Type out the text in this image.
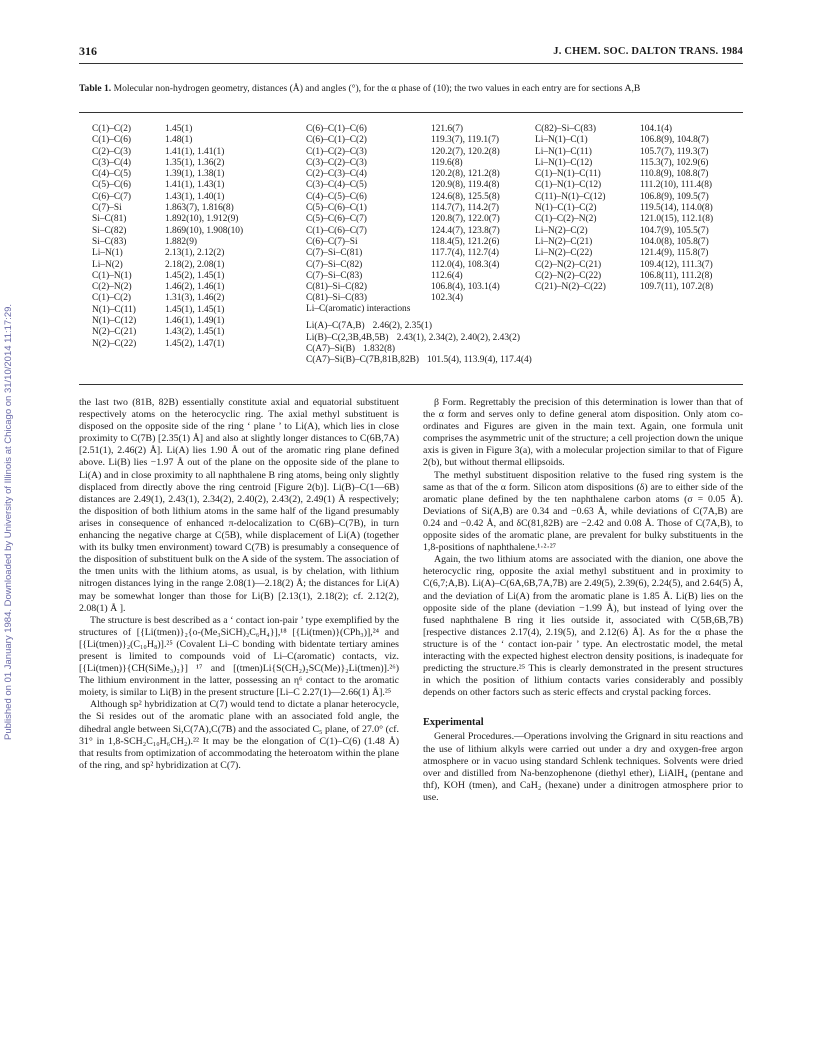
Published on 01 January 1984. Downloaded by University of Illinois at Chicago on 31/10/2014 11:17:29.
316	J. CHEM. SOC. DALTON TRANS. 1984
Table 1. Molecular non-hydrogen geometry, distances (Å) and angles (°), for the α phase of (10); the two values in each entry are for sections A,B
C(1)–C(2)	1.45(1)
C(1)–C(6)	1.48(1)
C(2)–C(3)	1.41(1), 1.41(1)
C(3)–C(4)	1.35(1), 1.36(2)
C(4)–C(5)	1.39(1), 1.38(1)
C(5)–C(6)	1.41(1), 1.43(1)
C(6)–C(7)	1.43(1), 1.40(1)
C(7)–Si	1.863(7), 1.816(8)
Si–C(81)	1.892(10), 1.912(9)
Si–C(82)	1.869(10), 1.908(10)
Si–C(83)	1.882(9)
Li–N(1)	2.13(1), 2.12(2)
Li–N(2)	2.18(2), 2.08(1)
C(1)–N(1)	1.45(2), 1.45(1)
C(2)–N(2)	1.46(2), 1.46(1)
C(1)–C(2)	1.31(3), 1.46(2)
N(1)–C(11)	1.45(1), 1.45(1)
N(1)–C(12)	1.46(1), 1.49(1)
N(2)–C(21)	1.43(2), 1.45(1)
N(2)–C(22)	1.45(2), 1.47(1)
C(6)–C(1)–C(6)	121.6(7)
C(6)–C(1)–C(2)	119.3(7), 119.1(7)
C(1)–C(2)–C(3)	120.2(7), 120.2(8)
C(3)–C(2)–C(3)	119.6(8)
C(2)–C(3)–C(4)	120.2(8), 121.2(8)
C(3)–C(4)–C(5)	120.9(8), 119.4(8)
C(4)–C(5)–C(6)	124.6(8), 125.5(8)
C(5)–C(6)–C(1)	114.7(7), 114.2(7)
C(5)–C(6)–C(7)	120.8(7), 122.0(7)
C(1)–C(6)–C(7)	124.4(7), 123.8(7)
C(6)–C(7)–Si	118.4(5), 121.2(6)
C(7)–Si–C(81)	117.7(4), 112.7(4)
C(7)–Si–C(82)	112.0(4), 108.3(4)
C(7)–Si–C(83)	112.6(4)
C(81)–Si–C(82)	106.8(4), 103.1(4)
C(81)–Si–C(83)	102.3(4)
C(82)–Si–C(83)	104.1(4)
Li–N(1)–C(1)	106.8(9), 104.8(7)
Li–N(1)–C(11)	105.7(7), 119.3(7)
Li–N(1)–C(12)	115.3(7), 102.9(6)
C(1)–N(1)–C(11)	110.8(9), 108.8(7)
C(1)–N(1)–C(12)	111.2(10), 111.4(8)
C(11)–N(1)–C(12)	106.8(9), 109.5(7)
N(1)–C(1)–C(2)	119.5(14), 114.0(8)
C(1)–C(2)–N(2)	121.0(15), 112.1(8)
Li–N(2)–C(2)	104.7(9), 105.5(7)
Li–N(2)–C(21)	104.0(8), 105.8(7)
Li–N(2)–C(22)	121.4(9), 115.8(7)
C(2)–N(2)–C(21)	109.4(12), 111.3(7)
C(2)–N(2)–C(22)	106.8(11), 111.2(8)
C(21)–N(2)–C(22)	109.7(11), 107.2(8)
Li–C(aromatic) interactions
Li(A)–C(7A,B) 2.46(2), 2.35(1)
Li(B)–C(2,3B,4B,5B) 2.43(1), 2.34(2), 2.40(2), 2.43(2)
C(A7)–Si(B) 1.832(8)
C(A7)–Si(B)–C(7B,81B,82B) 101.5(4), 113.9(4), 117.4(4)

the last two (81B, 82B) essentially constitute axial and equatorial substituent respectively atoms on the heterocyclic ring. The axial methyl substituent is disposed on the opposite side of the ring ‘ plane ’ to Li(A), which lies in close proximity to C(7B) [2.35(1) Å] and also at slightly longer distances to C(6B,7A) [2.51(1), 2.46(2) Å]. Li(A) lies 1.90 Å out of the aromatic ring plane defined above. Li(B) lies −1.97 Å out of the plane on the opposite side of the plane to Li(A) and in close proximity to all naphthalene B ring atoms, being only slightly displaced from directly above the ring centroid [Figure 2(b)]. Li(B)–C(1—6B) distances are 2.49(1), 2.43(1), 2.34(2), 2.40(2), 2.43(2), 2.49(1) Å respectively; the disposition of both lithium atoms in the same half of the ligand presumably arises in consequence of enhanced π-delocalization to C(6B)–C(7B), in turn enhancing the negative charge at C(5B), while displacement of Li(A) (together with its bulky tmen environment) toward C(7B) is presumably a consequence of the disposition of substituent bulk on the A side of the system. The association of the tmen units with the lithium atoms, as usual, is by chelation, with lithium nitrogen distances lying in the range 2.08(1)—2.18(2) Å; the distances for Li(A) may be somewhat longer than those for Li(B) [2.13(1), 2.18(2); cf. 2.12(2), 2.08(1) Å ].

The structure is best described as a ‘ contact ion-pair ’ type exemplified by the structures of [{Li(tmen)}₂{o-(Me₃SiCH)₂C₆H₄}],¹⁸ [{Li(tmen)}(CPh₃)],²⁴ and [{Li(tmen)}₂(C₁₀H₈)].²⁵ (Covalent Li–C bonding with bidentate tertiary amines present is limited to compounds void of Li–C(aromatic) contacts, viz. [{Li(tmen)}{CH(SiMe₃)₂}] ¹⁷ and [(tmen)Li{S(CH₂)₂SC(Me)}₂Li(tmen)].²⁶) The lithium environment in the latter, possessing an η⁶ contact to the aromatic moiety, is similar to Li(B) in the present structure [Li–C 2.27(1)—2.66(1) Å].²⁵

Although sp² hybridization at C(7) would tend to dictate a planar heterocycle, the Si resides out of the aromatic plane with an associated fold angle, the dihedral angle between Si,C(7A),C(7B) and the associated C₅ plane, of 27.0° (cf. 31° in 1,8-SCH₂C₁₀H₆CH₂).²² It may be the elongation of C(1)–C(6) (1.48 Å) that results from optimization of accommodating the heteroatom within the plane of the ring, and sp² hybridization at C(7).

β Form. Regrettably the precision of this determination is lower than that of the α form and serves only to define general atom disposition. Only atom co-ordinates and Figures are given in the main text. Again, one formula unit comprises the asymmetric unit of the structure; a cell projection down the unique axis is given in Figure 3(a), with a molecular projection similar to that of Figure 2(b), but without thermal ellipsoids.

The methyl substituent disposition relative to the fused ring system is the same as that of the α form. Silicon atom dispositions (δ) are to either side of the aromatic plane defined by the ten naphthalene carbon atoms (σ = 0.05 Å). Deviations of Si(A,B) are 0.34 and −0.63 Å, while deviations of C(7A,B) are 0.24 and −0.42 Å, and δC(81,82B) are −2.42 and 0.08 Å. Those of C(7A,B), to opposite sides of the aromatic plane, are prevalent for bulky substituents in the 1,8-positions of naphthalene.¹·²·²⁷

Again, the two lithium atoms are associated with the dianion, one above the heterocyclic ring, opposite the axial methyl substituent and in proximity to C(6,7;A,B). Li(A)–C(6A,6B,7A,7B) are 2.49(5), 2.39(6), 2.24(5), and 2.64(5) Å, and the deviation of Li(A) from the aromatic plane is 1.85 Å. Li(B) lies on the opposite side of the plane (deviation −1.99 Å), but instead of lying over the fused naphthalene B ring it lies outside it, associated with C(5B,6B,7B) [respective distances 2.17(4), 2.19(5), and 2.12(6) Å]. As for the α phase the structure is of the ‘ contact ion-pair ’ type. An electrostatic model, the metal interacting with the expected highest electron density positions, is inadequate for predicting the structure.²⁵ This is clearly demonstrated in the present structures in which the position of lithium contacts varies considerably and possibly depends on other factors such as steric effects and crystal packing forces.

Experimental

General Procedures.—Operations involving the Grignard in situ reactions and the use of lithium alkyls were carried out under a dry and oxygen-free argon atmosphere or in vacuo using standard Schlenk techniques. Solvents were dried over and distilled from Na-benzophenone (diethyl ether), LiAlH₄ (pentane and thf), KOH (tmen), and CaH₂ (hexane) under a dinitrogen atmosphere prior to use.
